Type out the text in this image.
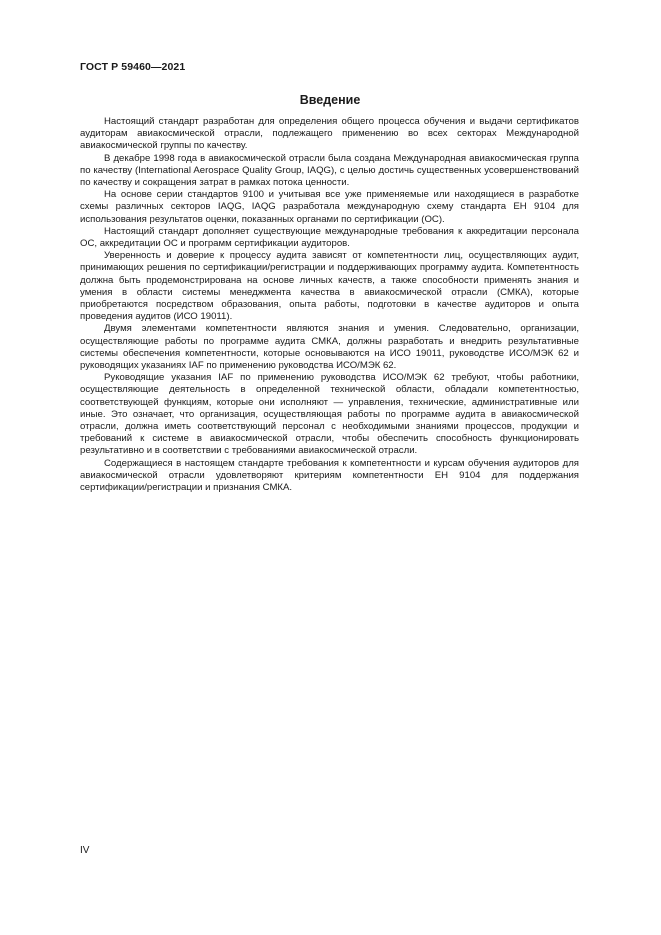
ГОСТ Р 59460—2021
Введение

Настоящий стандарт разработан для определения общего процесса обучения и выдачи сертификатов аудиторам авиакосмической отрасли, подлежащего применению во всех секторах Международной авиакосмической группы по качеству.

В декабре 1998 года в авиакосмической отрасли была создана Международная авиакосмическая группа по качеству (International Aerospace Quality Group, IAQG), с целью достичь существенных усовершенствований по качеству и сокращения затрат в рамках потока ценности.

На основе серии стандартов 9100 и учитывая все уже применяемые или находящиеся в разработке схемы различных секторов IAQG, IAQG разработала международную схему стандарта ЕН 9104 для использования результатов оценки, показанных органами по сертификации (ОС).

Настоящий стандарт дополняет существующие международные требования к аккредитации персонала ОС, аккредитации ОС и программ сертификации аудиторов.

Уверенность и доверие к процессу аудита зависят от компетентности лиц, осуществляющих аудит, принимающих решения по сертификации/регистрации и поддерживающих программу аудита. Компетентность должна быть продемонстрирована на основе личных качеств, а также способности применять знания и умения в области системы менеджмента качества в авиакосмической отрасли (СМКА), которые приобретаются посредством образования, опыта работы, подготовки в качестве аудиторов и опыта проведения аудитов (ИСО 19011).

Двумя элементами компетентности являются знания и умения. Следовательно, организации, осуществляющие работы по программе аудита СМКА, должны разработать и внедрить результативные системы обеспечения компетентности, которые основываются на ИСО 19011, руководстве ИСО/МЭК 62 и руководящих указаниях IAF по применению руководства ИСО/МЭК 62.

Руководящие указания IAF по применению руководства ИСО/МЭК 62 требуют, чтобы работники, осуществляющие деятельность в определенной технической области, обладали компетентностью, соответствующей функциям, которые они исполняют — управления, технические, административные или иные. Это означает, что организация, осуществляющая работы по программе аудита в авиакосмической отрасли, должна иметь соответствующий персонал с необходимыми знаниями процессов, продукции и требований к системе в авиакосмической отрасли, чтобы обеспечить способность функционировать результативно и в соответствии с требованиями авиакосмической отрасли.

Содержащиеся в настоящем стандарте требования к компетентности и курсам обучения аудиторов для авиакосмической отрасли удовлетворяют критериям компетентности ЕН 9104 для поддержания сертификации/регистрации и признания СМКА.

IV
